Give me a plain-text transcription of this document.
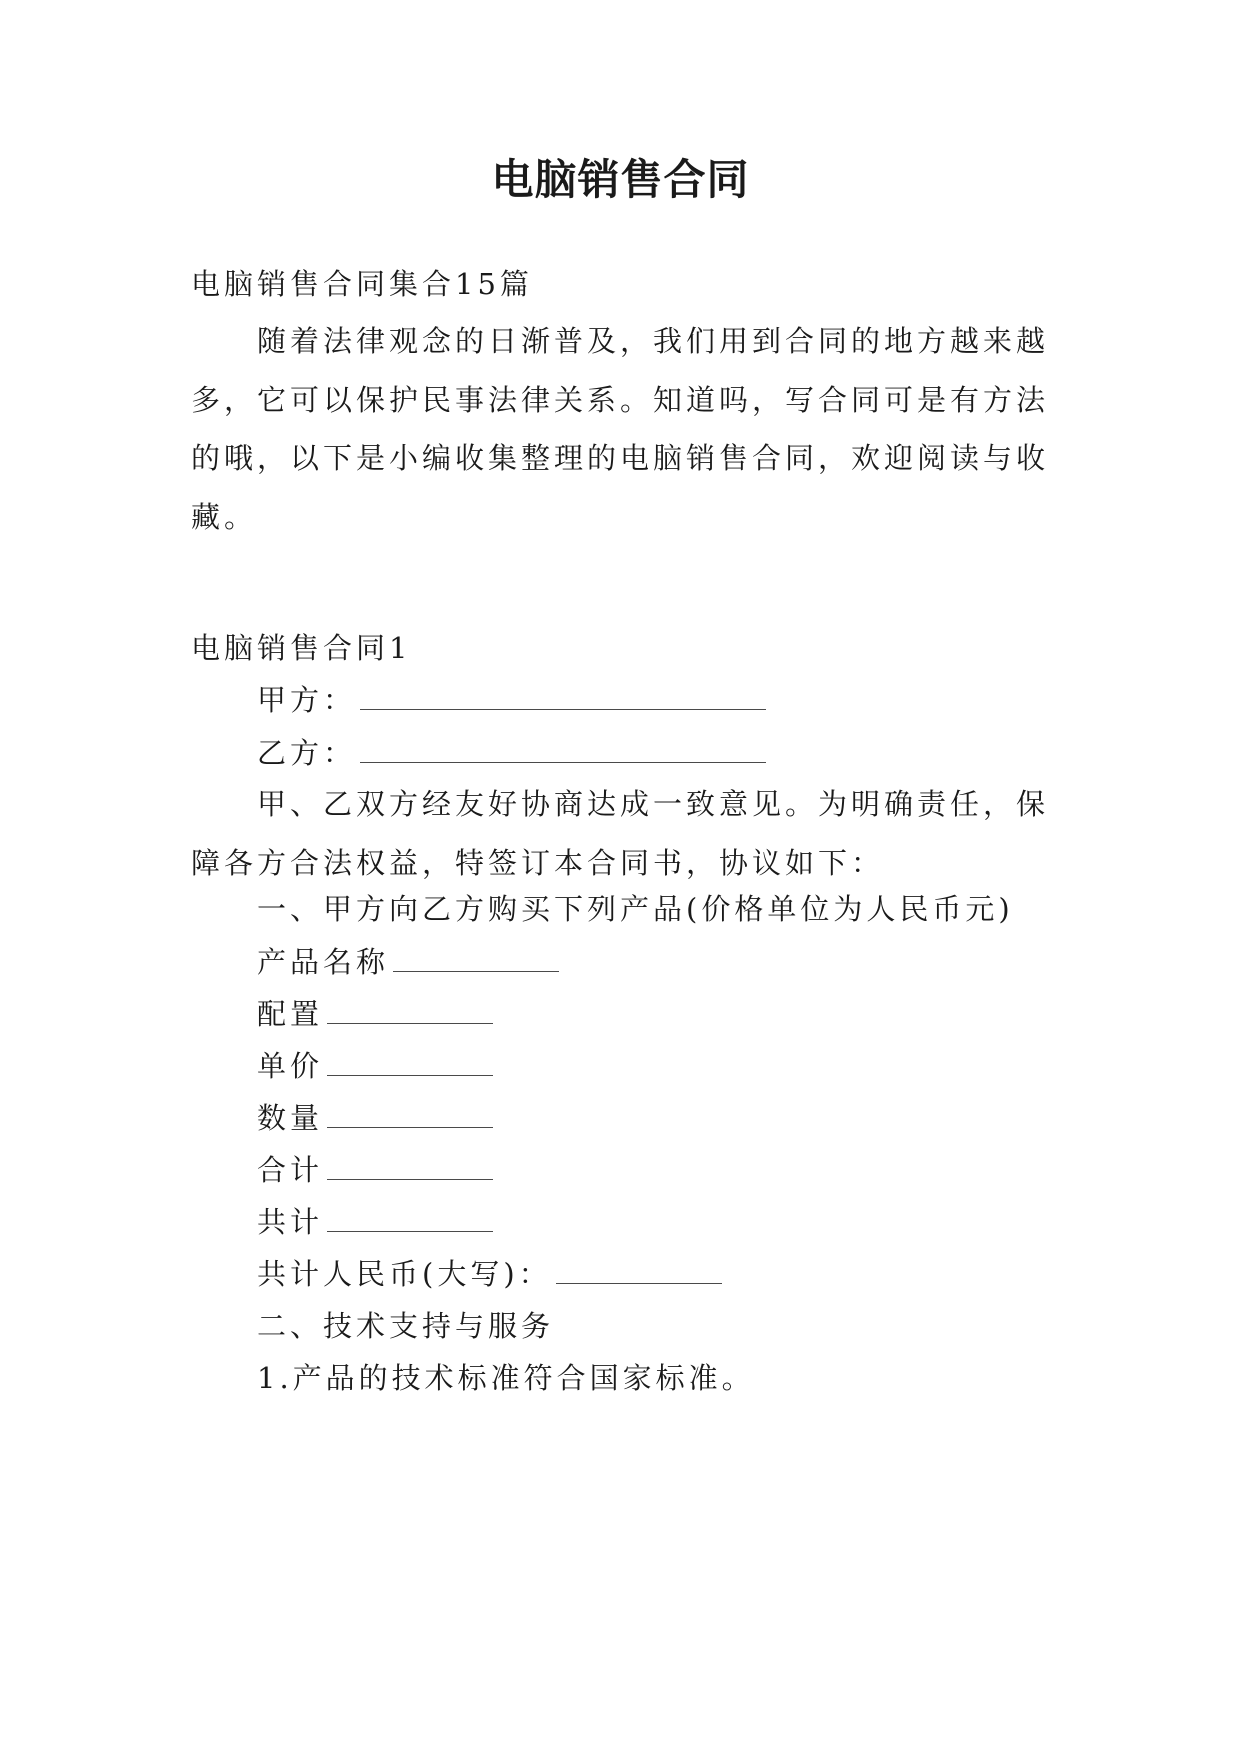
电脑销售合同
电脑销售合同集合15篇
随着法律观念的日渐普及，我们用到合同的地方越来越多，它可以保护民事法律关系。知道吗，写合同可是有方法的哦，以下是小编收集整理的电脑销售合同，欢迎阅读与收藏。
电脑销售合同1
甲方：
乙方：
甲、乙双方经友好协商达成一致意见。为明确责任，保障各方合法权益，特签订本合同书，协议如下：
一、甲方向乙方购买下列产品(价格单位为人民币元)
产品名称
配置
单价
数量
合计
共计
共计人民币(大写)：
二、技术支持与服务
1.产品的技术标准符合国家标准。
